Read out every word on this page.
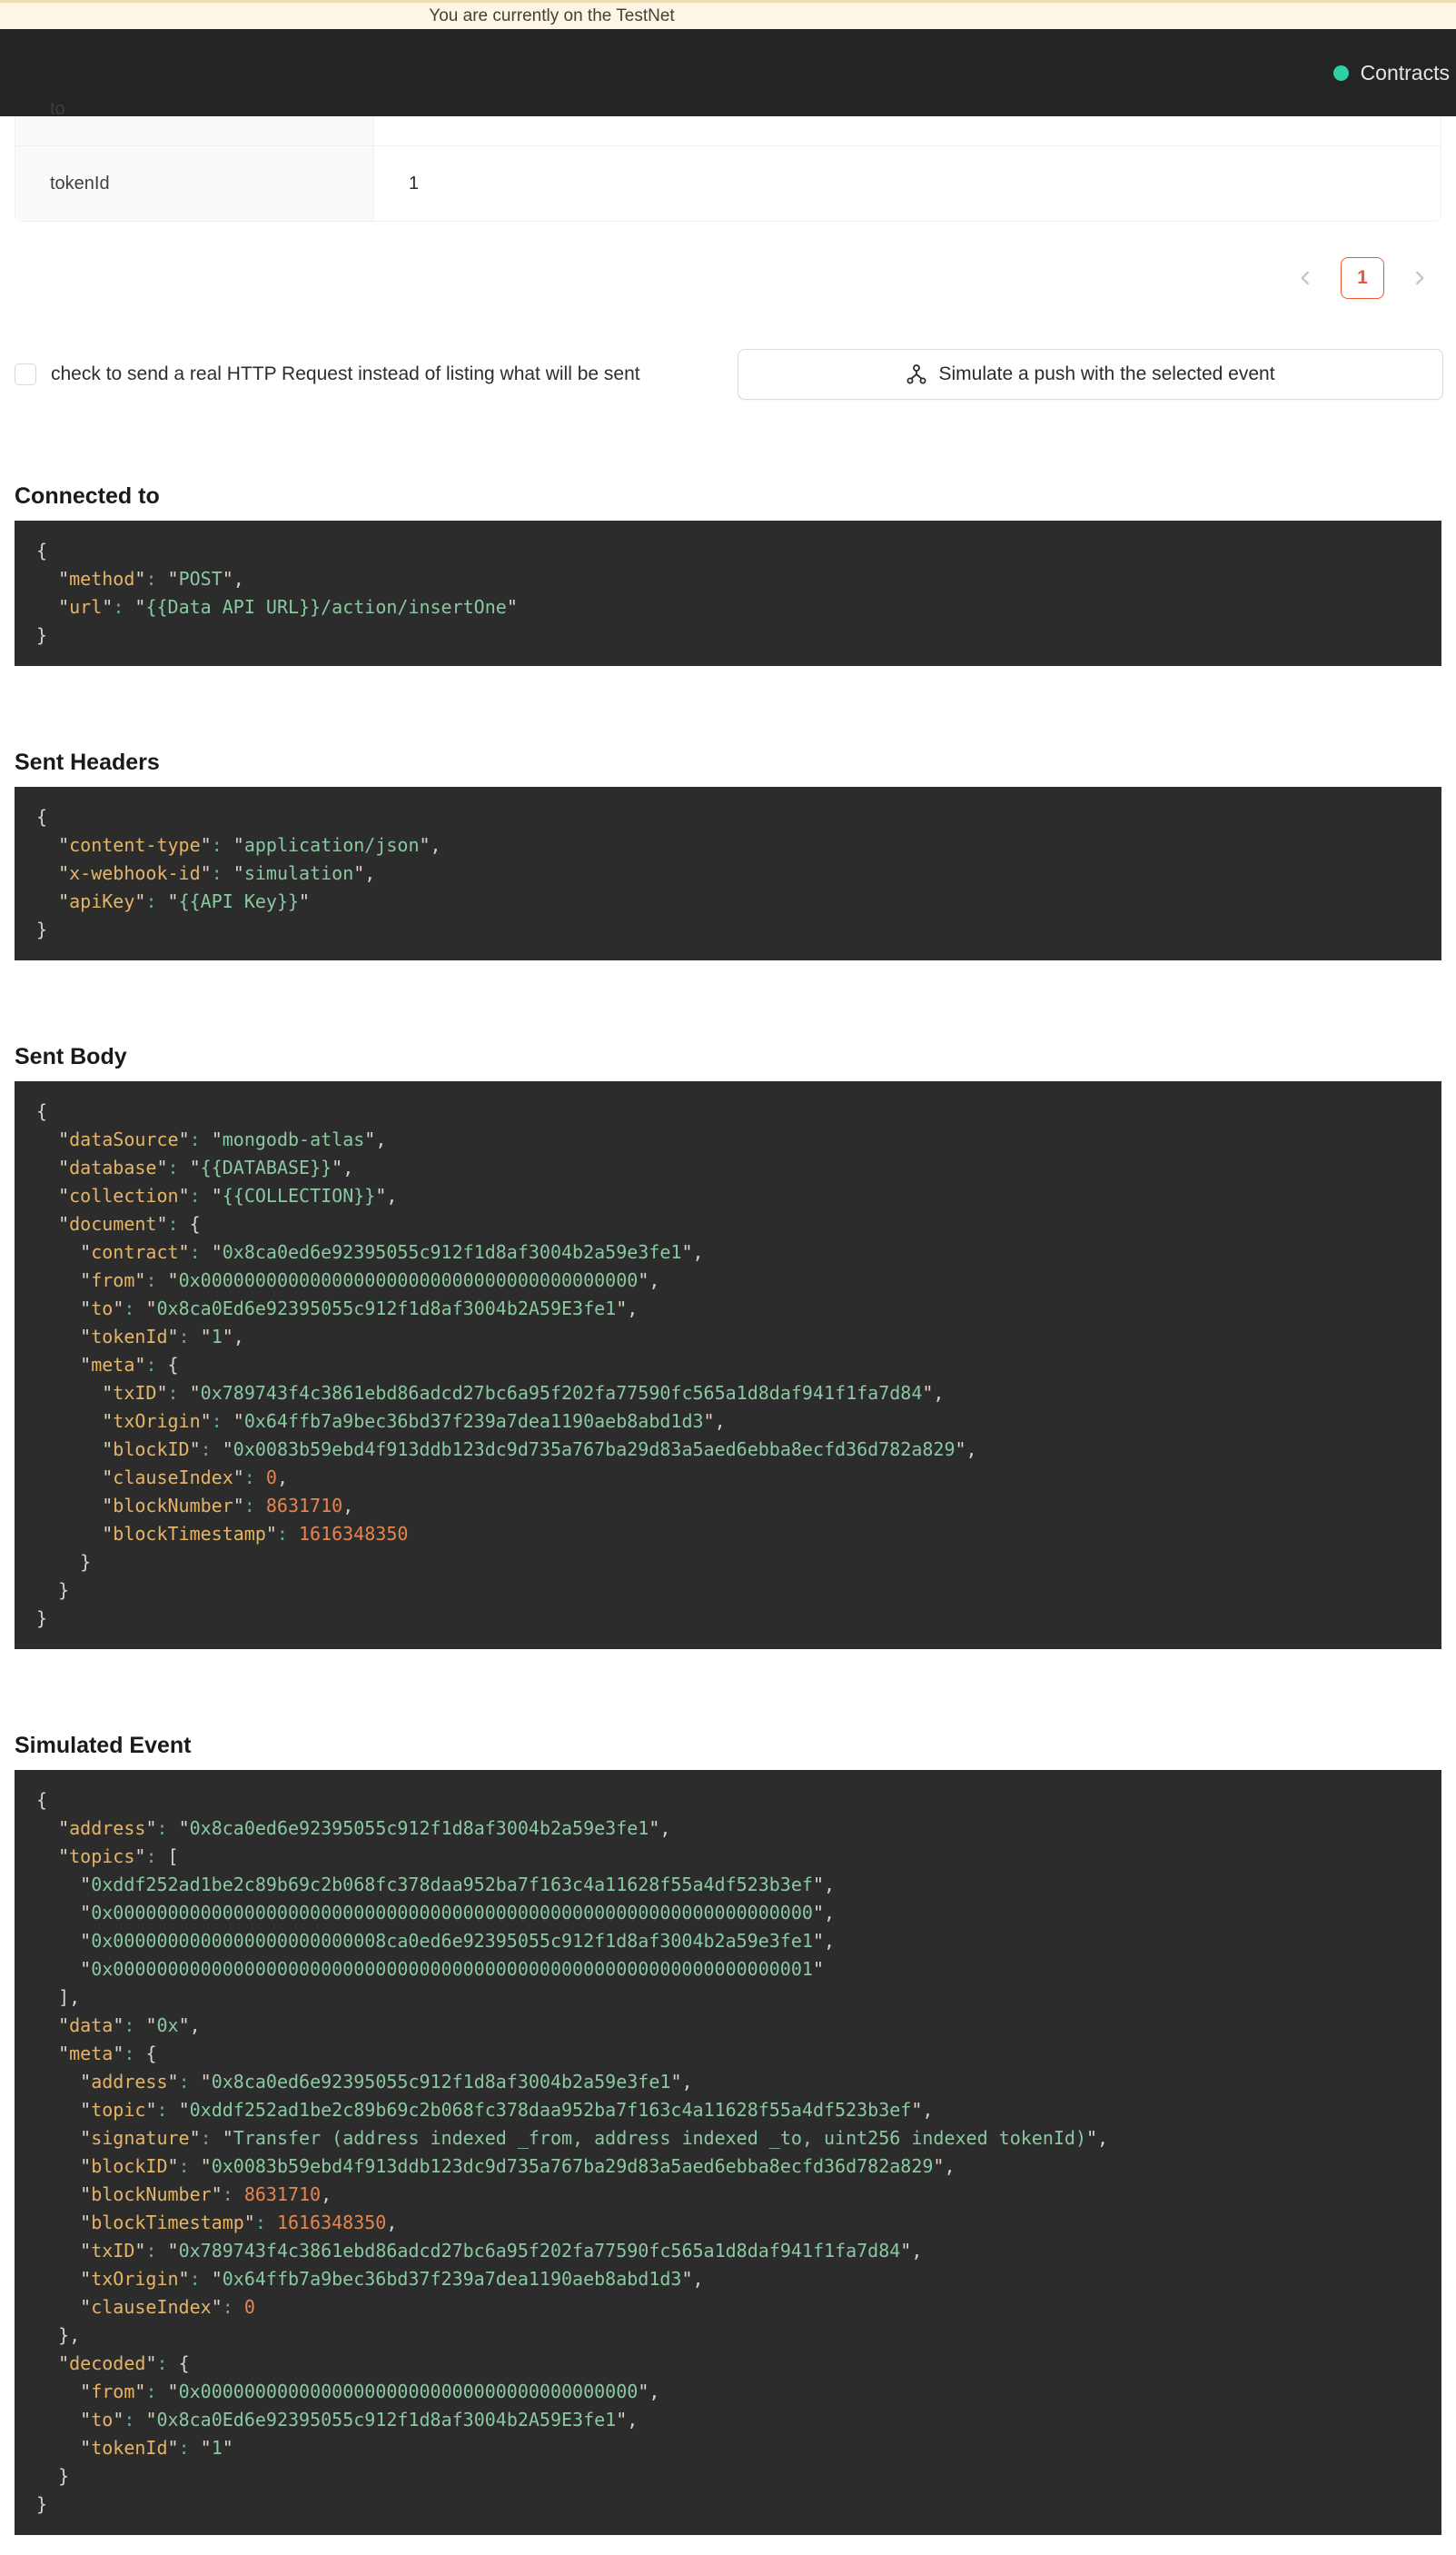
You are currently on the TestNet
Contracts
to
tokenId	1
1
check to send a real HTTP Request instead of listing what will be sent	Simulate a push with the selected event
Connected to
{
"method": "POST",
"url": "{{Data API URL}}/action/insertOne"
}
Sent Headers
{
"content-type": "application/json",
"x-webhook-id": "simulation",
"apiKey": "{{API Key}}"
}
Sent Body
{
"dataSource": "mongodb-atlas",
"database": "{{DATABASE}}",
"collection": "{{COLLECTION}}",
"document": {
"contract": "0x8ca0ed6e92395055c912f1d8af3004b2a59e3fe1",
"from": "0x0000000000000000000000000000000000000000",
"to": "0x8ca0Ed6e92395055c912f1d8af3004b2A59E3fe1",
"tokenId": "1",
"meta": {
"txID": "0x789743f4c3861ebd86adcd27bc6a95f202fa77590fc565a1d8daf941f1fa7d84",
"txOrigin": "0x64ffb7a9bec36bd37f239a7dea1190aeb8abd1d3",
"blockID": "0x0083b59ebd4f913ddb123dc9d735a767ba29d83a5aed6ebba8ecfd36d782a829",
"clauseIndex": 0,
"blockNumber": 8631710,
"blockTimestamp": 1616348350
}
}
}
Simulated Event
{
"address": "0x8ca0ed6e92395055c912f1d8af3004b2a59e3fe1",
"topics": [
"0xddf252ad1be2c89b69c2b068fc378daa952ba7f163c4a11628f55a4df523b3ef",
"0x0000000000000000000000000000000000000000000000000000000000000000",
"0x0000000000000000000000008ca0ed6e92395055c912f1d8af3004b2a59e3fe1",
"0x0000000000000000000000000000000000000000000000000000000000000001"
],
"data": "0x",
"meta": {
"address": "0x8ca0ed6e92395055c912f1d8af3004b2a59e3fe1",
"topic": "0xddf252ad1be2c89b69c2b068fc378daa952ba7f163c4a11628f55a4df523b3ef",
"signature": "Transfer (address indexed _from, address indexed _to, uint256 indexed tokenId)",
"blockID": "0x0083b59ebd4f913ddb123dc9d735a767ba29d83a5aed6ebba8ecfd36d782a829",
"blockNumber": 8631710,
"blockTimestamp": 1616348350,
"txID": "0x789743f4c3861ebd86adcd27bc6a95f202fa77590fc565a1d8daf941f1fa7d84",
"txOrigin": "0x64ffb7a9bec36bd37f239a7dea1190aeb8abd1d3",
"clauseIndex": 0
},
"decoded": {
"from": "0x0000000000000000000000000000000000000000",
"to": "0x8ca0Ed6e92395055c912f1d8af3004b2A59E3fe1",
"tokenId": "1"
}
}
